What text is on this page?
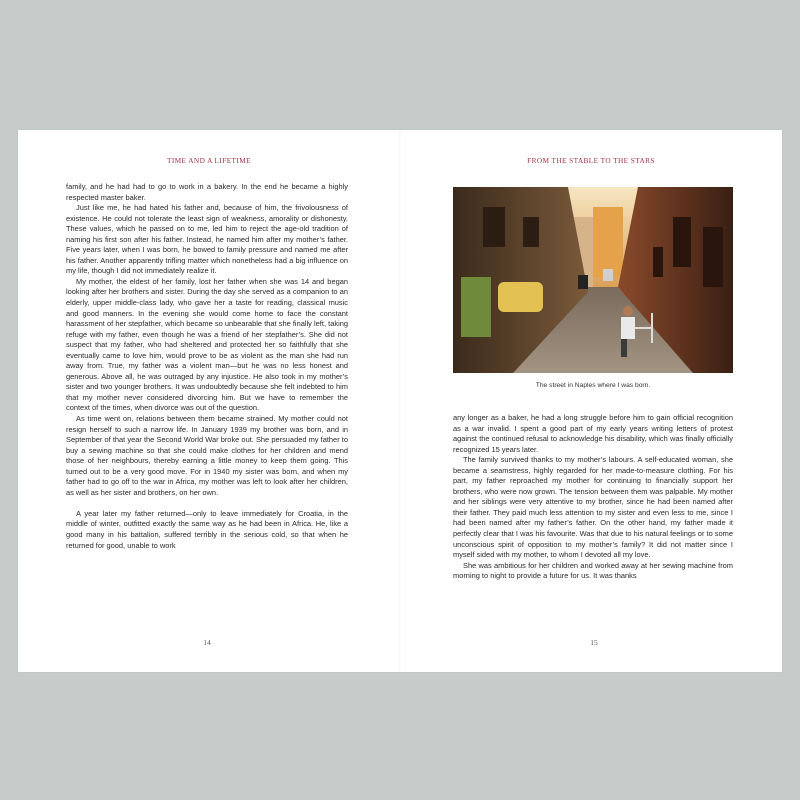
TIME AND A LIFETIME

family, and he had had to go to work in a bakery. In the end he became a highly respected master baker.

Just like me, he had hated his father and, because of him, the frivolousness of existence. He could not tolerate the least sign of weakness, amorality or dishonesty. These values, which he passed on to me, led him to reject the age-old tradition of naming his first son after his father. Instead, he named him after my mother’s father. Five years later, when I was born, he bowed to family pressure and named me after his father. Another apparently trifling matter which nonetheless had a big influence on my life, though I did not immediately realize it.

My mother, the eldest of her family, lost her father when she was 14 and began looking after her brothers and sister. During the day she served as a companion to an elderly, upper middle-class lady, who gave her a taste for reading, classical music and good manners. In the evening she would come home to face the constant harassment of her stepfather, which became so unbearable that she finally left, taking refuge with my father, even though he was a friend of her stepfather’s. She did not suspect that my father, who had sheltered and protected her so faithfully that she eventually came to love him, would prove to be as violent as the man she had run away from. True, my father was a violent man—but he was no less honest and generous. Above all, he was outraged by any injustice. He also took in my mother’s sister and two younger brothers. It was undoubtedly because she felt indebted to him that my mother never considered divorcing him. But we have to remember the context of the times, when divorce was out of the question.

As time went on, relations between them became strained. My mother could not resign herself to such a narrow life. In January 1939 my brother was born, and in September of that year the Second World War broke out. She persuaded my father to buy a sewing machine so that she could make clothes for her children and mend those of her neighbours, thereby earning a little money to keep them going. This turned out to be a very good move. For in 1940 my sister was born, and when my father had to go off to the war in Africa, my mother was left to look after her children, as well as her sister and brothers, on her own.

A year later my father returned—only to leave immediately for Croatia, in the middle of winter, outfitted exactly the same way as he had been in Africa. He, like a good many in his battalion, suffered terribly in the serious cold, so that when he returned for good, unable to work

14
FROM THE STABLE TO THE STARS
The street in Naples where I was born.

any longer as a baker, he had a long struggle before him to gain official recognition as a war invalid. I spent a good part of my early years writing letters of protest against the continued refusal to acknowledge his disability, which was finally officially recognized 15 years later.

The family survived thanks to my mother’s labours. A self-educated woman, she became a seamstress, highly regarded for her made-to-measure clothing. For his part, my father reproached my mother for continuing to financially support her brothers, who were now grown. The tension between them was palpable. My mother and her siblings were very attentive to my brother, since he had been named after their father. They paid much less attention to my sister and even less to me, since I had been named after my father’s father. On the other hand, my father made it perfectly clear that I was his favourite. Was that due to his natural feelings or to some unconscious spirit of opposition to my mother’s family? It did not matter since I myself sided with my mother, to whom I devoted all my love.

She was ambitious for her children and worked away at her sewing machine from morning to night to provide a future for us. It was thanks

15
